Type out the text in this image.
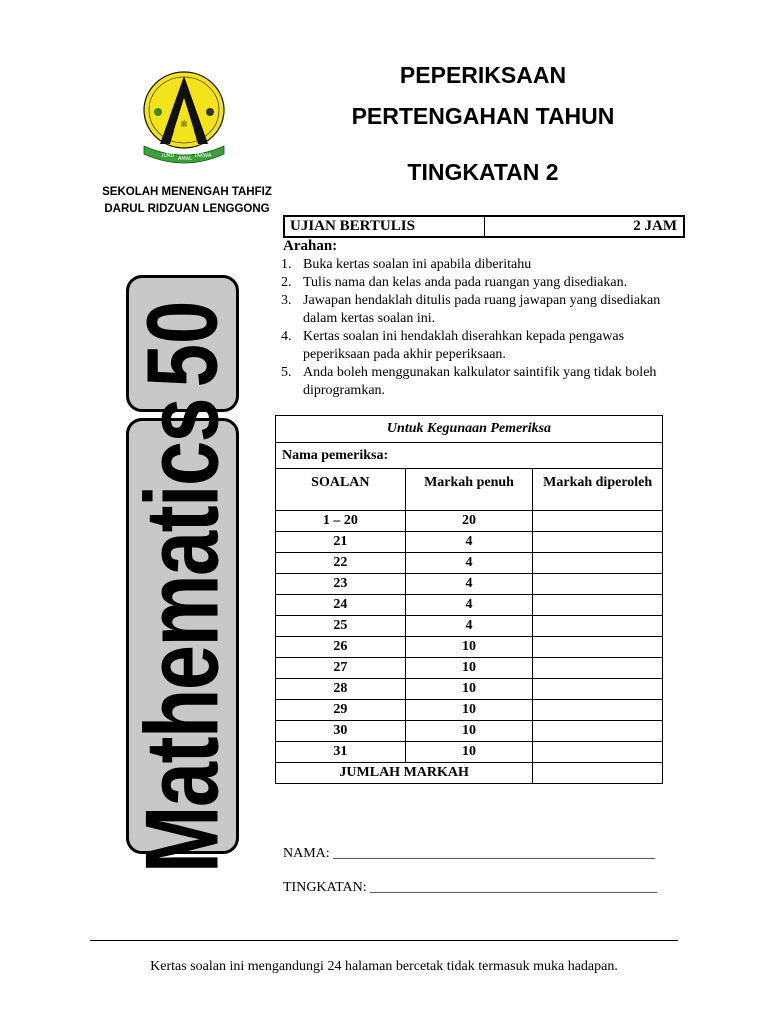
ﷺ
ILMU AMAL TAKWA
SEKOLAH MENENGAH TAHFIZ
DARUL RIDZUAN LENGGONG
PEPERIKSAAN
PERTENGAHAN TAHUN
TINGKATAN 2
UJIAN BERTULIS	2 JAM
Arahan:
1. Buka kertas soalan ini apabila diberitahu
2. Tulis nama dan kelas anda pada ruangan yang disediakan.
3. Jawapan hendaklah ditulis pada ruang jawapan yang disediakan dalam kertas soalan ini.
4. Kertas soalan ini hendaklah diserahkan kepada pengawas peperiksaan pada akhir peperiksaan.
5. Anda boleh menggunakan kalkulator saintifik yang tidak boleh diprogramkan.
50
Mathematics	Untuk Kegunaan Pemeriksa		
Nama pemeriksa:		
SOALAN	Markah penuh	Markah diperoleh
1 – 20	20	
21	4	
22	4	
23	4	
24	4	
25	4	
26	10	
27	10	
28	10	
29	10	
30	10	
31	10	
JUMLAH MARKAH		
NAMA: ______________________________________________
TINGKATAN: _________________________________________
Kertas soalan ini mengandungi 24 halaman bercetak tidak termasuk muka hadapan.
